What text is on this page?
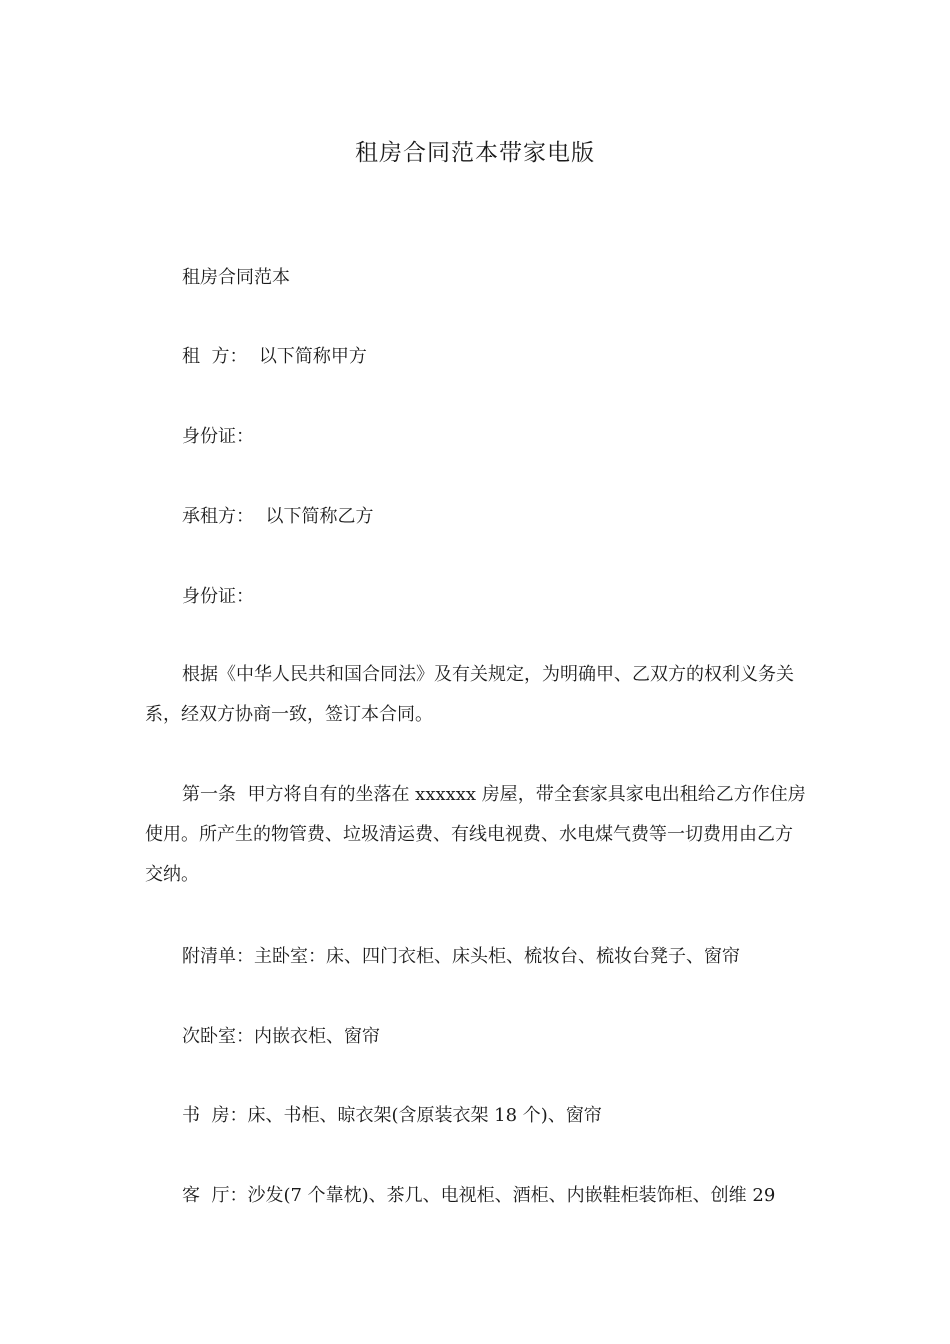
租房合同范本带家电版

租房合同范本

租  方：  以下简称甲方

身份证：

承租方：  以下简称乙方

身份证：

根据《中华人民共和国合同法》及有关规定，为明确甲、乙双方的权利义务关系，经双方协商一致，签订本合同。

第一条  甲方将自有的坐落在 xxxxxx 房屋，带全套家具家电出租给乙方作住房使用。所产生的物管费、垃圾清运费、有线电视费、水电煤气费等一切费用由乙方交纳。

附清单：主卧室：床、四门衣柜、床头柜、梳妆台、梳妆台凳子、窗帘

次卧室：内嵌衣柜、窗帘

书  房：床、书柜、晾衣架(含原装衣架 18 个)、窗帘

客  厅：沙发(7 个靠枕)、茶几、电视柜、酒柜、内嵌鞋柜装饰柜、创维 29
